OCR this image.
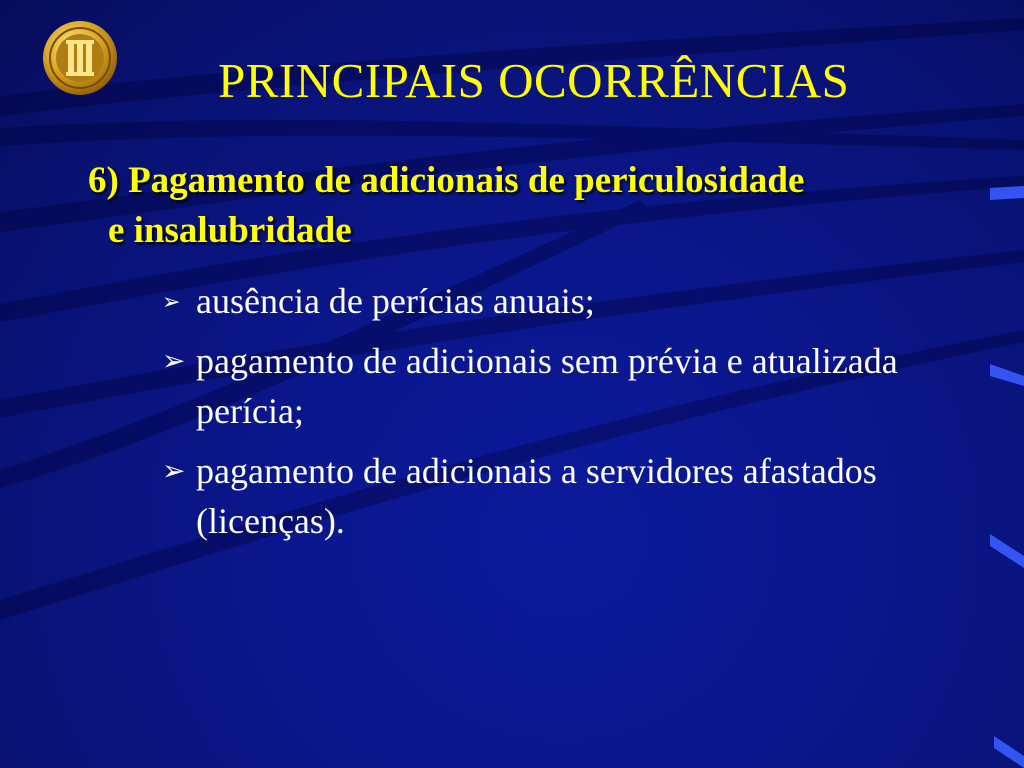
PRINCIPAIS OCORRÊNCIAS
6) Pagamento de adicionais de periculosidade
e insalubridade
➢ ausência de perícias anuais;
➢ pagamento de adicionais sem prévia e atualizada perícia;
➢ pagamento de adicionais a servidores afastados (licenças).
